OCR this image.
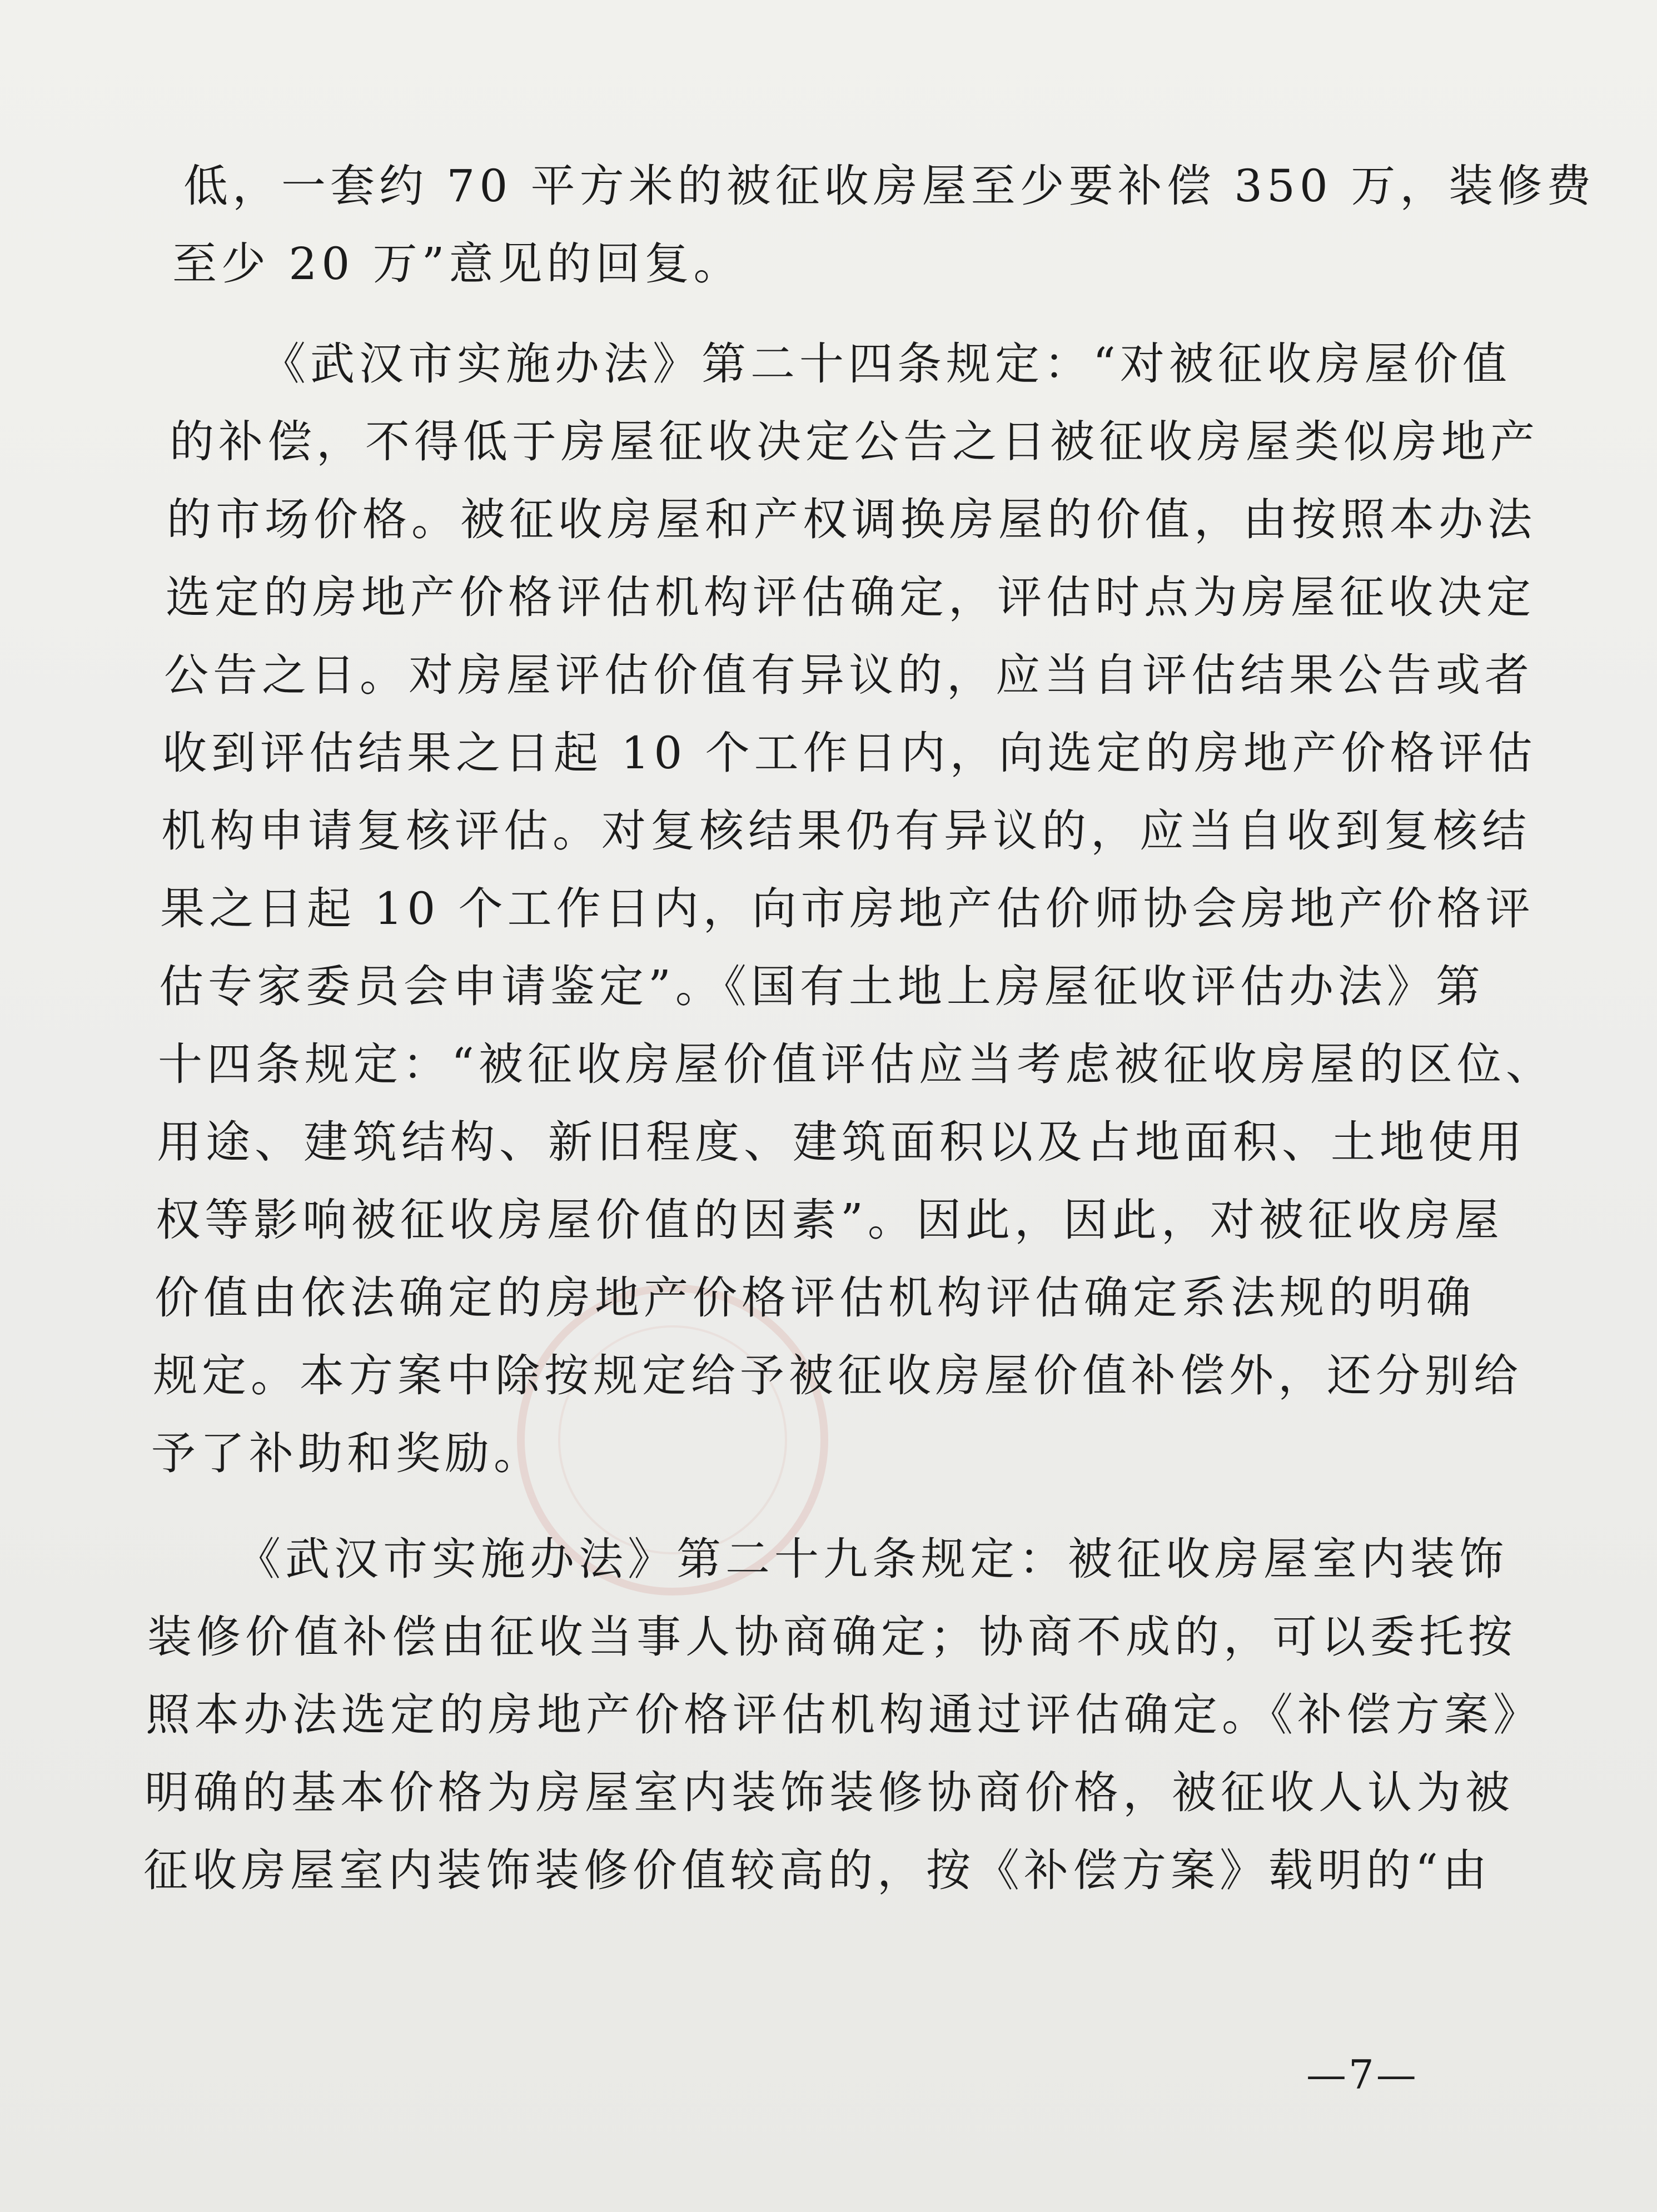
低，一套约 70 平方米的被征收房屋至少要补偿 350 万，装修费
至少 20 万”意见的回复。
《武汉市实施办法》第二十四条规定：“对被征收房屋价值
的补偿，不得低于房屋征收决定公告之日被征收房屋类似房地产
的市场价格。被征收房屋和产权调换房屋的价值，由按照本办法
选定的房地产价格评估机构评估确定，评估时点为房屋征收决定
公告之日。对房屋评估价值有异议的，应当自评估结果公告或者
收到评估结果之日起 10 个工作日内，向选定的房地产价格评估
机构申请复核评估。对复核结果仍有异议的，应当自收到复核结
果之日起 10 个工作日内，向市房地产估价师协会房地产价格评
估专家委员会申请鉴定”。《国有土地上房屋征收评估办法》第
十四条规定：“被征收房屋价值评估应当考虑被征收房屋的区位、
用途、建筑结构、新旧程度、建筑面积以及占地面积、土地使用
权等影响被征收房屋价值的因素”。因此，因此，对被征收房屋
价值由依法确定的房地产价格评估机构评估确定系法规的明确
规定。本方案中除按规定给予被征收房屋价值补偿外，还分别给
予了补助和奖励。
《武汉市实施办法》第二十九条规定：被征收房屋室内装饰
装修价值补偿由征收当事人协商确定；协商不成的，可以委托按
照本办法选定的房地产价格评估机构通过评估确定。《补偿方案》
明确的基本价格为房屋室内装饰装修协商价格，被征收人认为被
征收房屋室内装饰装修价值较高的，按《补偿方案》载明的“由
—7—
